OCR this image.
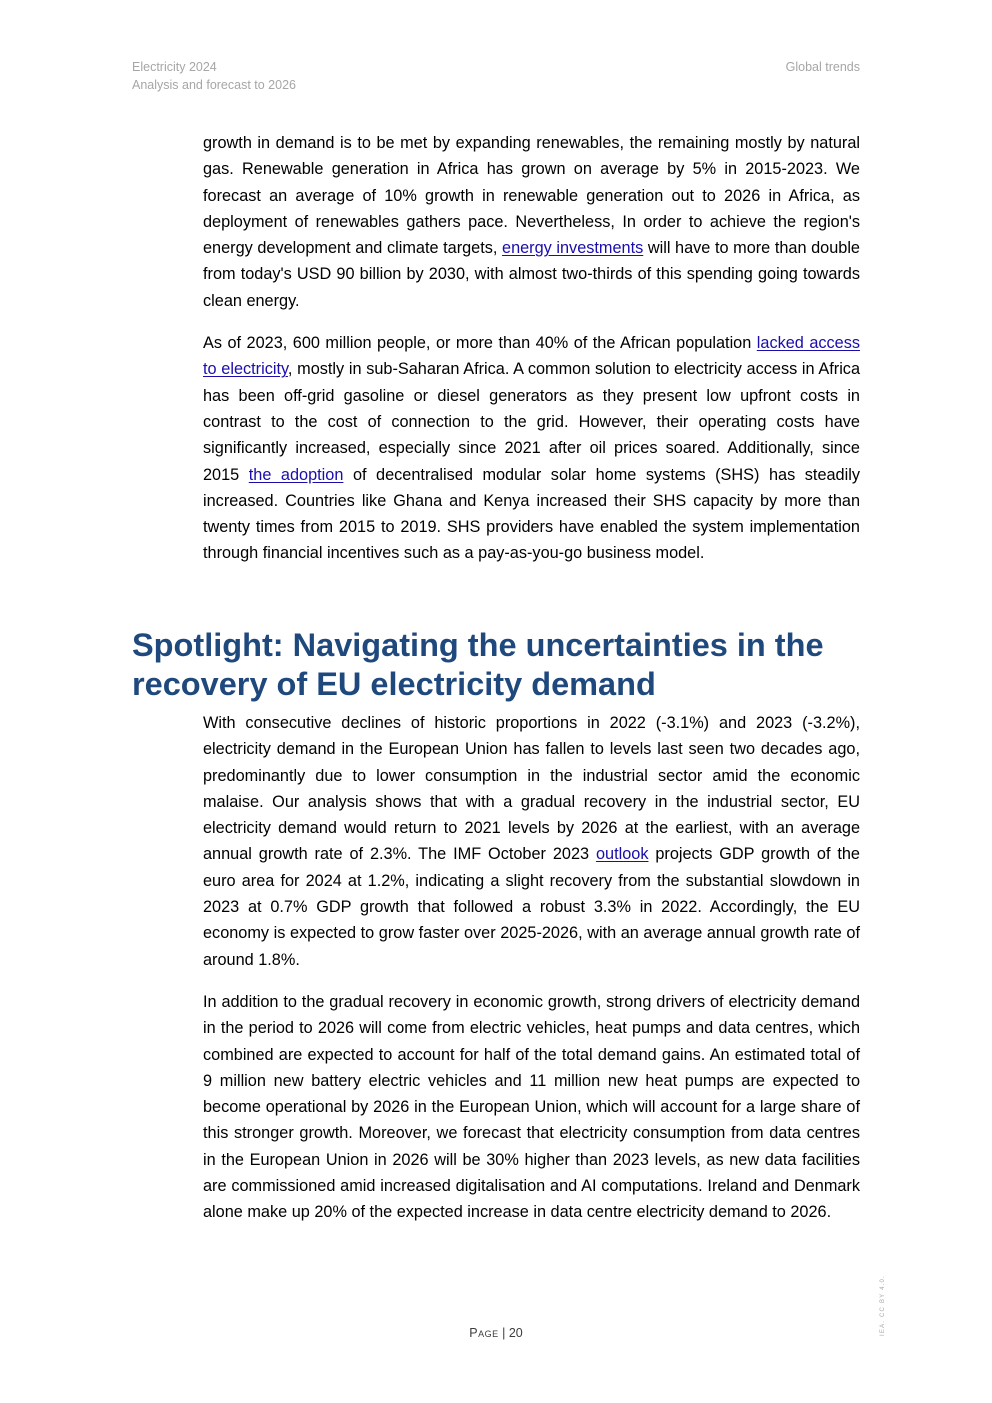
Electricity 2024
Analysis and forecast to 2026
Global trends

growth in demand is to be met by expanding renewables, the remaining mostly by natural gas. Renewable generation in Africa has grown on average by 5% in 2015-2023. We forecast an average of 10% growth in renewable generation out to 2026 in Africa, as deployment of renewables gathers pace. Nevertheless, In order to achieve the region's energy development and climate targets, energy investments will have to more than double from today's USD 90 billion by 2030, with almost two-thirds of this spending going towards clean energy.

As of 2023, 600 million people, or more than 40% of the African population lacked access to electricity, mostly in sub-Saharan Africa. A common solution to electricity access in Africa has been off-grid gasoline or diesel generators as they present low upfront costs in contrast to the cost of connection to the grid. However, their operating costs have significantly increased, especially since 2021 after oil prices soared. Additionally, since 2015 the adoption of decentralised modular solar home systems (SHS) has steadily increased. Countries like Ghana and Kenya increased their SHS capacity by more than twenty times from 2015 to 2019. SHS providers have enabled the system implementation through financial incentives such as a pay-as-you-go business model.

Spotlight: Navigating the uncertainties in the recovery of EU electricity demand

With consecutive declines of historic proportions in 2022 (-3.1%) and 2023 (-3.2%), electricity demand in the European Union has fallen to levels last seen two decades ago, predominantly due to lower consumption in the industrial sector amid the economic malaise. Our analysis shows that with a gradual recovery in the industrial sector, EU electricity demand would return to 2021 levels by 2026 at the earliest, with an average annual growth rate of 2.3%. The IMF October 2023 outlook projects GDP growth of the euro area for 2024 at 1.2%, indicating a slight recovery from the substantial slowdown in 2023 at 0.7% GDP growth that followed a robust 3.3% in 2022. Accordingly, the EU economy is expected to grow faster over 2025-2026, with an average annual growth rate of around 1.8%.

In addition to the gradual recovery in economic growth, strong drivers of electricity demand in the period to 2026 will come from electric vehicles, heat pumps and data centres, which combined are expected to account for half of the total demand gains. An estimated total of 9 million new battery electric vehicles and 11 million new heat pumps are expected to become operational by 2026 in the European Union, which will account for a large share of this stronger growth. Moreover, we forecast that electricity consumption from data centres in the European Union in 2026 will be 30% higher than 2023 levels, as new data facilities are commissioned amid increased digitalisation and AI computations. Ireland and Denmark alone make up 20% of the expected increase in data centre electricity demand to 2026.

Page | 20	IEA. CC BY 4.0.
